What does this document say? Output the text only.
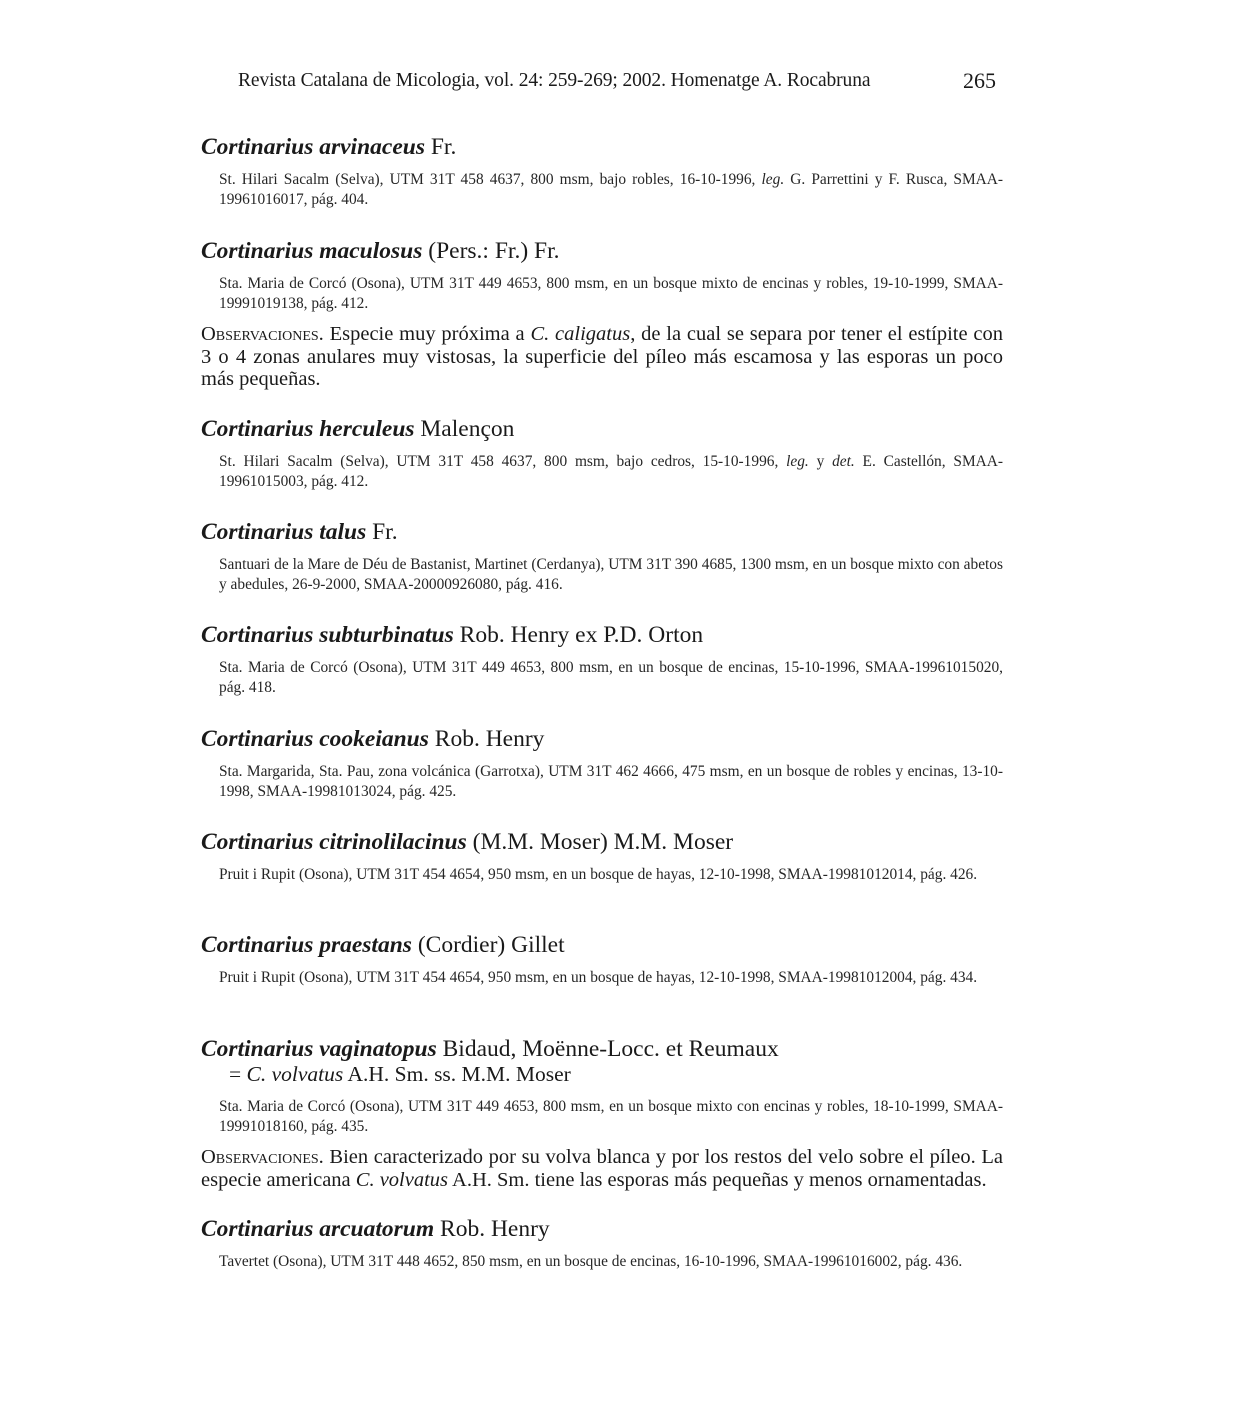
Revista Catalana de Micologia, vol. 24: 259-269; 2002. Homenatge A. Rocabruna	265
Cortinarius arvinaceus Fr.
St. Hilari Sacalm (Selva), UTM 31T 458 4637, 800 msm, bajo robles, 16-10-1996, leg. G. Parrettini y F. Rusca, SMAA-19961016017, pág. 404.
Cortinarius maculosus (Pers.: Fr.) Fr.
Sta. Maria de Corcó (Osona), UTM 31T 449 4653, 800 msm, en un bosque mixto de encinas y robles, 19-10-1999, SMAA-19991019138, pág. 412.
Observaciones. Especie muy próxima a C. caligatus, de la cual se separa por tener el estípite con 3 o 4 zonas anulares muy vistosas, la superficie del píleo más escamosa y las esporas un poco más pequeñas.
Cortinarius herculeus Malençon
St. Hilari Sacalm (Selva), UTM 31T 458 4637, 800 msm, bajo cedros, 15-10-1996, leg. y det. E. Castellón, SMAA-19961015003, pág. 412.
Cortinarius talus Fr.
Santuari de la Mare de Déu de Bastanist, Martinet (Cerdanya), UTM 31T 390 4685, 1300 msm, en un bosque mixto con abetos y abedules, 26-9-2000, SMAA-20000926080, pág. 416.
Cortinarius subturbinatus Rob. Henry ex P.D. Orton
Sta. Maria de Corcó (Osona), UTM 31T 449 4653, 800 msm, en un bosque de encinas, 15-10-1996, SMAA-19961015020, pág. 418.
Cortinarius cookeianus Rob. Henry
Sta. Margarida, Sta. Pau, zona volcánica (Garrotxa), UTM 31T 462 4666, 475 msm, en un bosque de robles y encinas, 13-10-1998, SMAA-19981013024, pág. 425.
Cortinarius citrinolilacinus (M.M. Moser) M.M. Moser
Pruit i Rupit (Osona), UTM 31T 454 4654, 950 msm, en un bosque de hayas, 12-10-1998, SMAA-19981012014, pág. 426.
Cortinarius praestans (Cordier) Gillet
Pruit i Rupit (Osona), UTM 31T 454 4654, 950 msm, en un bosque de hayas, 12-10-1998, SMAA-19981012004, pág. 434.
Cortinarius vaginatopus Bidaud, Moënne-Locc. et Reumaux
= C. volvatus A.H. Sm. ss. M.M. Moser
Sta. Maria de Corcó (Osona), UTM 31T 449 4653, 800 msm, en un bosque mixto con encinas y robles, 18-10-1999, SMAA-19991018160, pág. 435.
Observaciones. Bien caracterizado por su volva blanca y por los restos del velo sobre el píleo. La especie americana C. volvatus A.H. Sm. tiene las esporas más pequeñas y menos ornamentadas.
Cortinarius arcuatorum Rob. Henry
Tavertet (Osona), UTM 31T 448 4652, 850 msm, en un bosque de encinas, 16-10-1996, SMAA-19961016002, pág. 436.
